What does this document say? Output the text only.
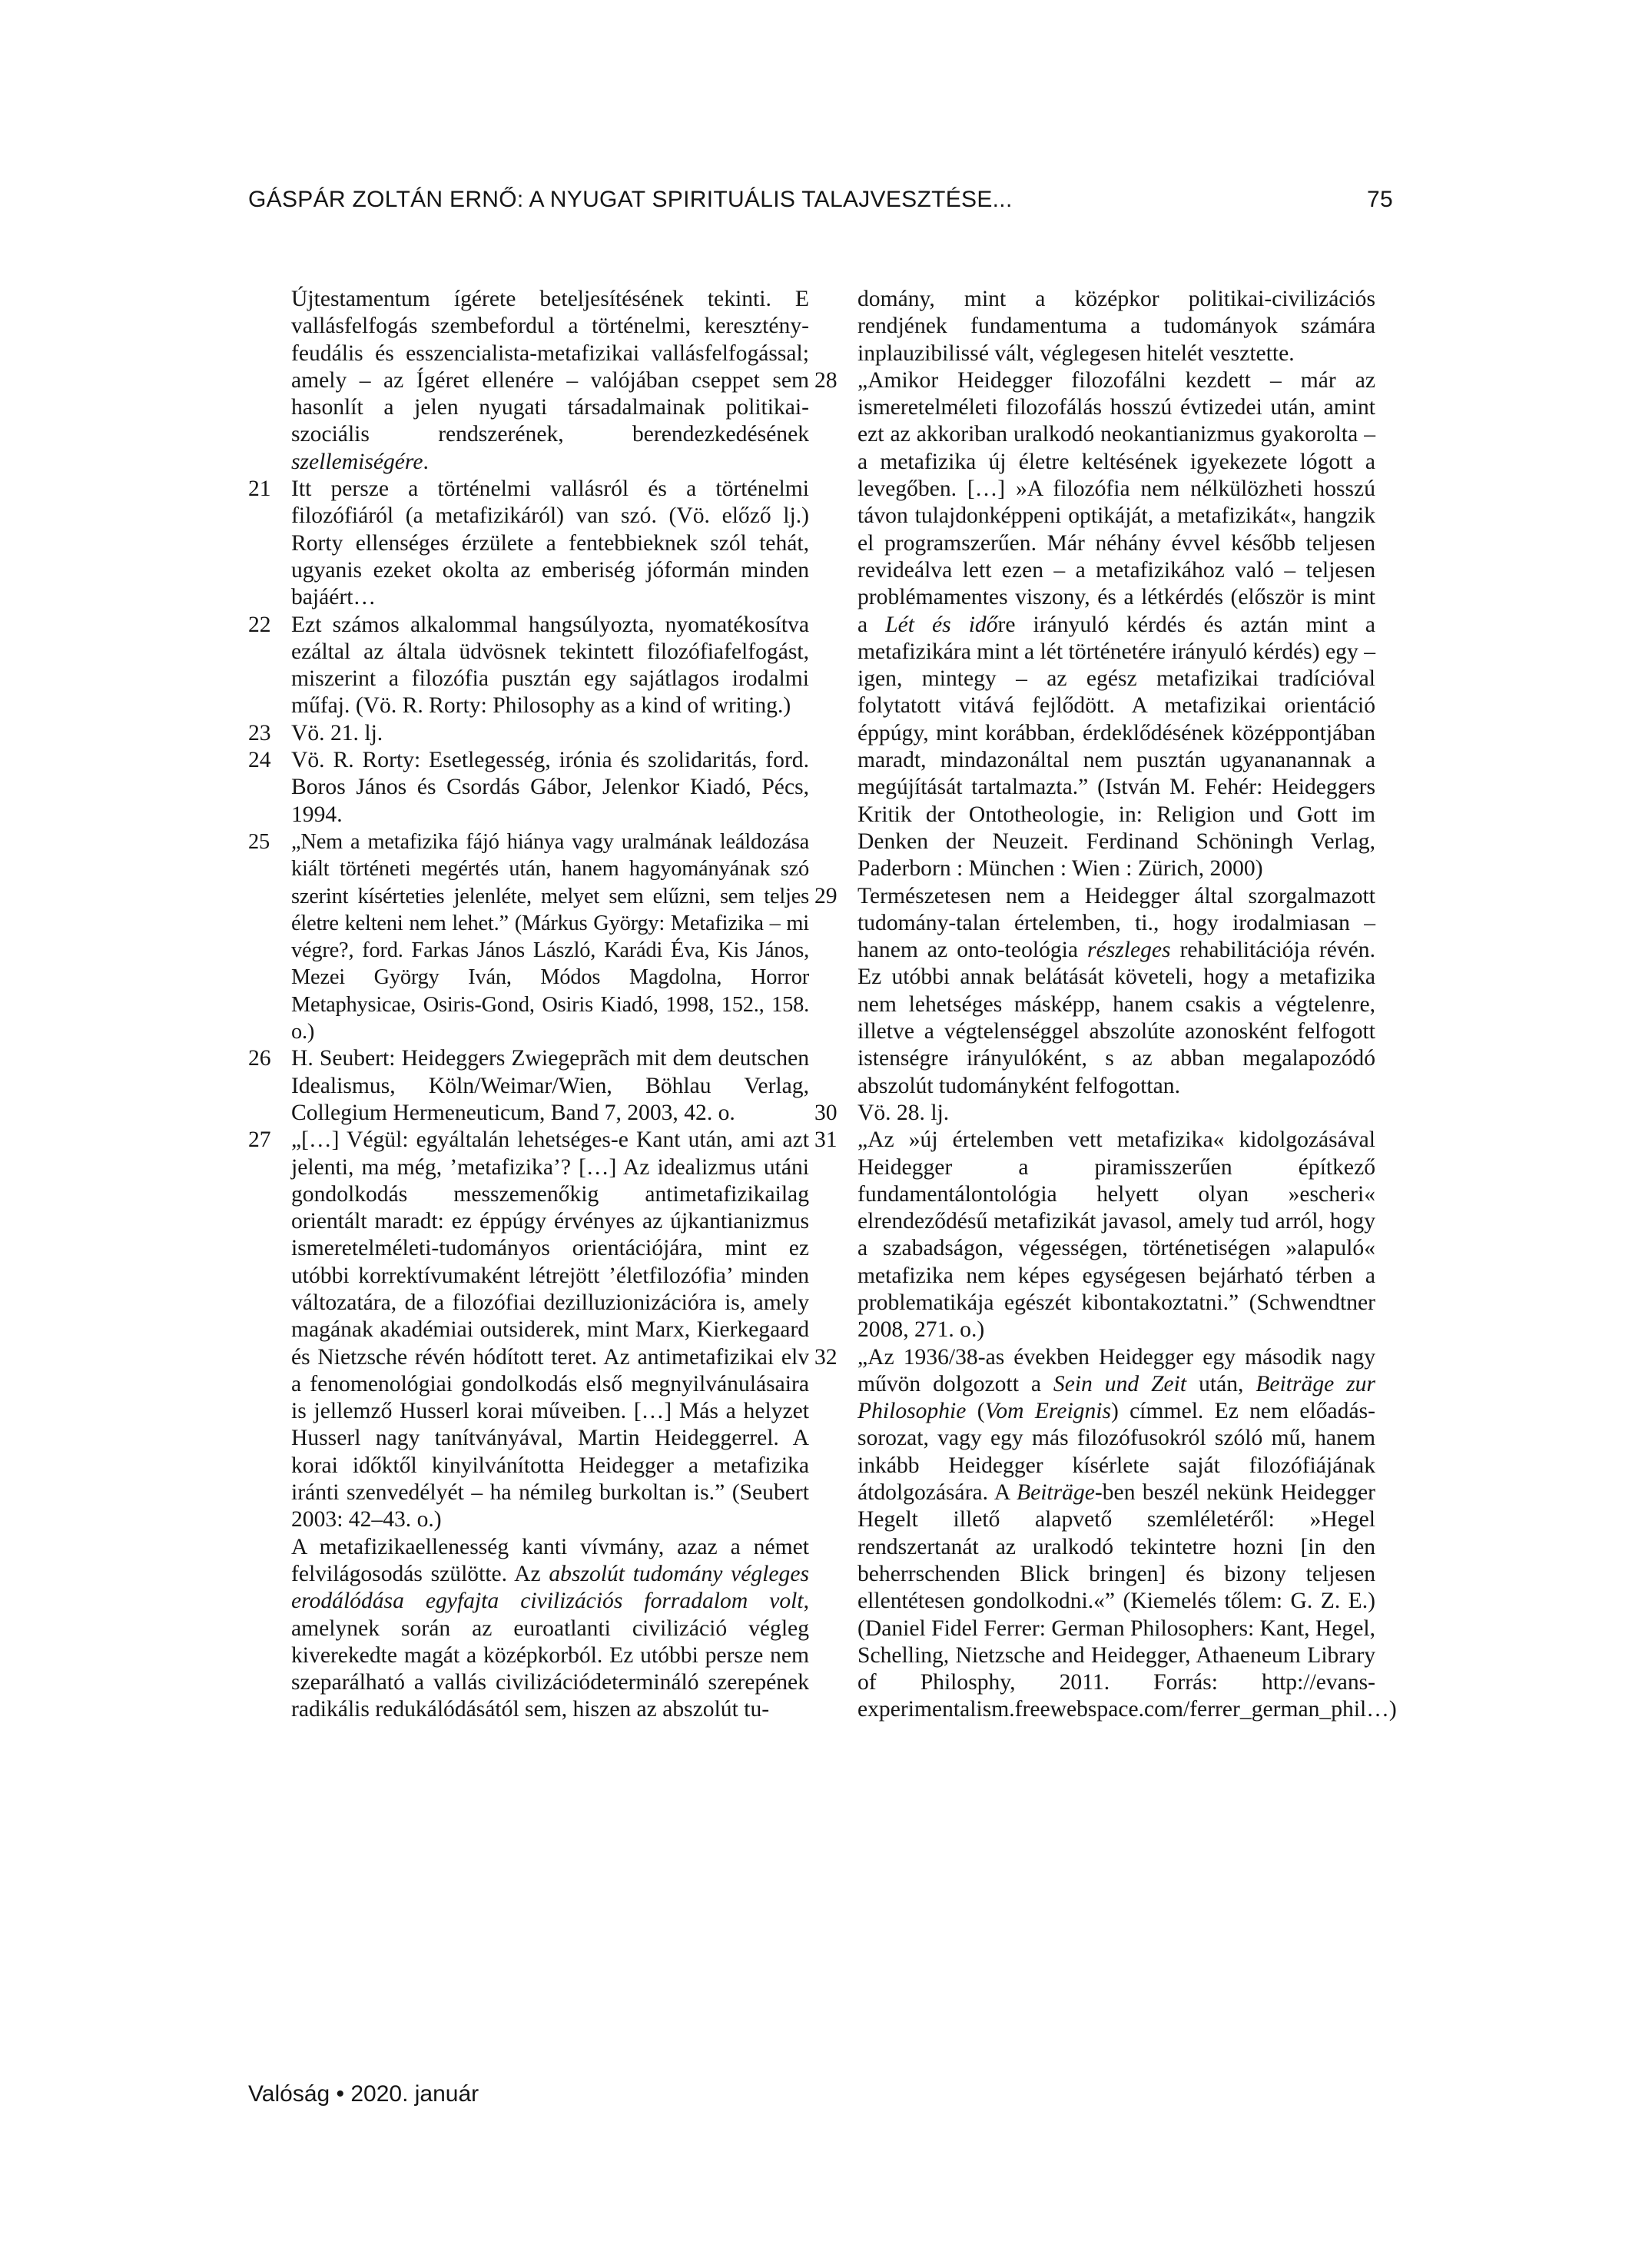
GÁSPÁR ZOLTÁN ERNŐ: A NYUGAT SPIRITUÁLIS TALAJVESZTÉSE...	75
Újtestamentum ígérete beteljesítésének tekinti. E vallásfelfogás szembefordul a történelmi, keresztény-feudális és esszencialista-metafizikai vallásfelfogással; amely – az Ígéret ellenére – valójában cseppet sem hasonlít a jelen nyugati társadalmainak politikai-szociális rendszerének, berendezkedésének szellemiségére.
21 Itt persze a történelmi vallásról és a történelmi filozófiáról (a metafizikáról) van szó. (Vö. előző lj.) Rorty ellenséges érzülete a fentebbieknek szól tehát, ugyanis ezeket okolta az emberiség jóformán minden bajáért…
22 Ezt számos alkalommal hangsúlyozta, nyomatékosítva ezáltal az általa üdvösnek tekintett filozófiafelfogást, miszerint a filozófia pusztán egy sajátlagos irodalmi műfaj. (Vö. R. Rorty: Philosophy as a kind of writing.)
23 Vö. 21. lj.
24 Vö. R. Rorty: Esetlegesség, irónia és szolidaritás, ford. Boros János és Csordás Gábor, Jelenkor Kiadó, Pécs, 1994.
25 „Nem a metafizika fájó hiánya vagy uralmának leáldozása kiált történeti megértés után, hanem hagyományának szó szerint kísérteties jelenléte, melyet sem elűzni, sem teljes életre kelteni nem lehet.” (Márkus György: Metafizika – mi végre?, ford. Farkas János László, Karádi Éva, Kis János, Mezei György Iván, Módos Magdolna, Horror Metaphysicae, Osiris-Gond, Osiris Kiadó, 1998, 152., 158. o.)
26 H. Seubert: Heideggers Zwiegeprãch mit dem deutschen Idealismus, Köln/Weimar/Wien, Böhlau Verlag, Collegium Hermeneuticum, Band 7, 2003, 42. o.
27 „[…] Végül: egyáltalán lehetséges-e Kant után, ami azt jelenti, ma még, ’metafizika’? […] Az idealizmus utáni gondolkodás messzemenőkig antimetafizikailag orientált maradt: ez éppúgy érvényes az újkantianizmus ismeretelméleti-tudományos orientációjára, mint ez utóbbi korrektívumaként létrejött ’életfilozófia’ minden változatára, de a filozófiai dezilluzionizációra is, amely magának akadémiai outsiderek, mint Marx, Kierkegaard és Nietzsche révén hódított teret. Az antimetafizikai elv a fenomenológiai gondolkodás első megnyilvánulásaira is jellemző Husserl korai műveiben. […] Más a helyzet Husserl nagy tanítványával, Martin Heideggerrel. A korai időktől kinyilvánította Heidegger a metafizika iránti szenvedélyét – ha némileg burkoltan is.” (Seubert 2003: 42–43. o.)
A metafizikaellenesség kanti vívmány, azaz a német felvilágosodás szülötte. Az abszolút tudomány végleges erodálódása egyfajta civilizációs forradalom volt, amelynek során az euroatlanti civilizáció végleg kiverekedte magát a középkorból. Ez utóbbi persze nem szeparálható a vallás civilizációdetermináló szerepének radikális redukálódásától sem, hiszen az abszolút tu-
domány, mint a középkor politikai-civilizációs rendjének fundamentuma a tudományok számára inplauzibilissé vált, véglegesen hitelét vesztette.
28 „Amikor Heidegger filozofálni kezdett – már az ismeretelméleti filozofálás hosszú évtizedei után, amint ezt az akkoriban uralkodó neokantianizmus gyakorolta – a metafizika új életre keltésének igyekezete lógott a levegőben. […] »A filozófia nem nélkülözheti hosszú távon tulajdonképpeni optikáját, a metafizikát«, hangzik el programszerűen. Már néhány évvel később teljesen revideálva lett ezen – a metafizikához való – teljesen problémamentes viszony, és a létkérdés (először is mint a Lét és időre irányuló kérdés és aztán mint a metafizikára mint a lét történetére irányuló kérdés) egy – igen, mintegy – az egész metafizikai tradícióval folytatott vitává fejlődött. A metafizikai orientáció éppúgy, mint korábban, érdeklődésének középpontjában maradt, mindazonáltal nem pusztán ugyananannak a megújítását tartalmazta.” (István M. Fehér: Heideggers Kritik der Ontotheologie, in: Religion und Gott im Denken der Neuzeit. Ferdinand Schöningh Verlag, Paderborn : München : Wien : Zürich, 2000)
29 Természetesen nem a Heidegger által szorgalmazott tudomány-talan értelemben, ti., hogy irodalmiasan – hanem az onto-teológia részleges rehabilitációja révén. Ez utóbbi annak belátását követeli, hogy a metafizika nem lehetséges másképp, hanem csakis a végtelenre, illetve a végtelenséggel abszolúte azonosként felfogott istenségre irányulóként, s az abban megalapozódó abszolút tudományként felfogottan.
30 Vö. 28. lj.
31 „Az »új értelemben vett metafizika« kidolgozásával Heidegger a piramisszerűen építkező fundamentálontológia helyett olyan »escheri« elrendeződésű metafizikát javasol, amely tud arról, hogy a szabadságon, végességen, történetiségen »alapuló« metafizika nem képes egységesen bejárható térben a problematikája egészét kibontakoztatni.” (Schwendtner 2008, 271. o.)
32 „Az 1936/38-as években Heidegger egy második nagy művön dolgozott a Sein und Zeit után, Beiträge zur Philosophie (Vom Ereignis) címmel. Ez nem előadás-sorozat, vagy egy más filozófusokról szóló mű, hanem inkább Heidegger kísérlete saját filozófiájának átdolgozására. A Beiträge-ben beszél nekünk Heidegger Hegelt illető alapvető szemléletéről: »Hegel rendszertanát az uralkodó tekintetre hozni [in den beherrschenden Blick bringen] és bizony teljesen ellentétesen gondolkodni.«” (Kiemelés tőlem: G. Z. E.) (Daniel Fidel Ferrer: German Philosophers: Kant, Hegel, Schelling, Nietzsche and Heidegger, Athaeneum Library of Philosphy, 2011. Forrás: http://evans-experimentalism.freewebspace.com/ferrer_german_phil…)
Valóság • 2020. január
